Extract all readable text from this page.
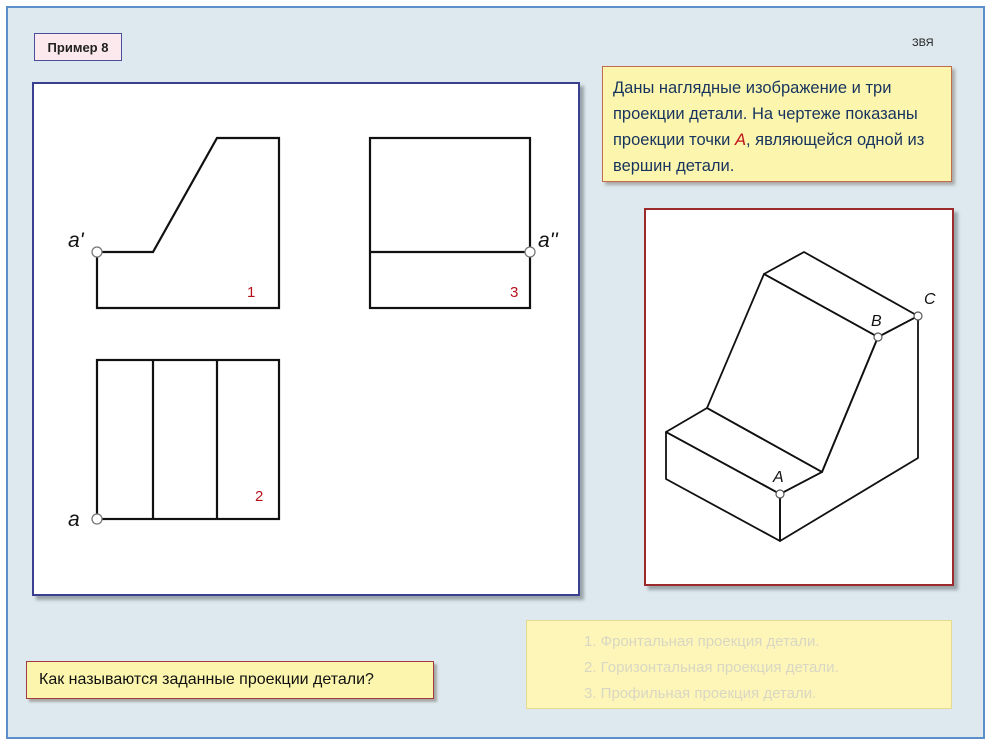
Пример 8	ЗВЯ
a'	a''
a
1	3
2
Даны наглядные изображение и три проекции детали. На чертеже показаны проекции точки А, являющейся одной из вершин детали.
A
B
C
Как называются заданные проекции детали?
1. Фронтальная проекция детали.
2. Горизонтальная проекция детали.
3. Профильная проекция детали.
